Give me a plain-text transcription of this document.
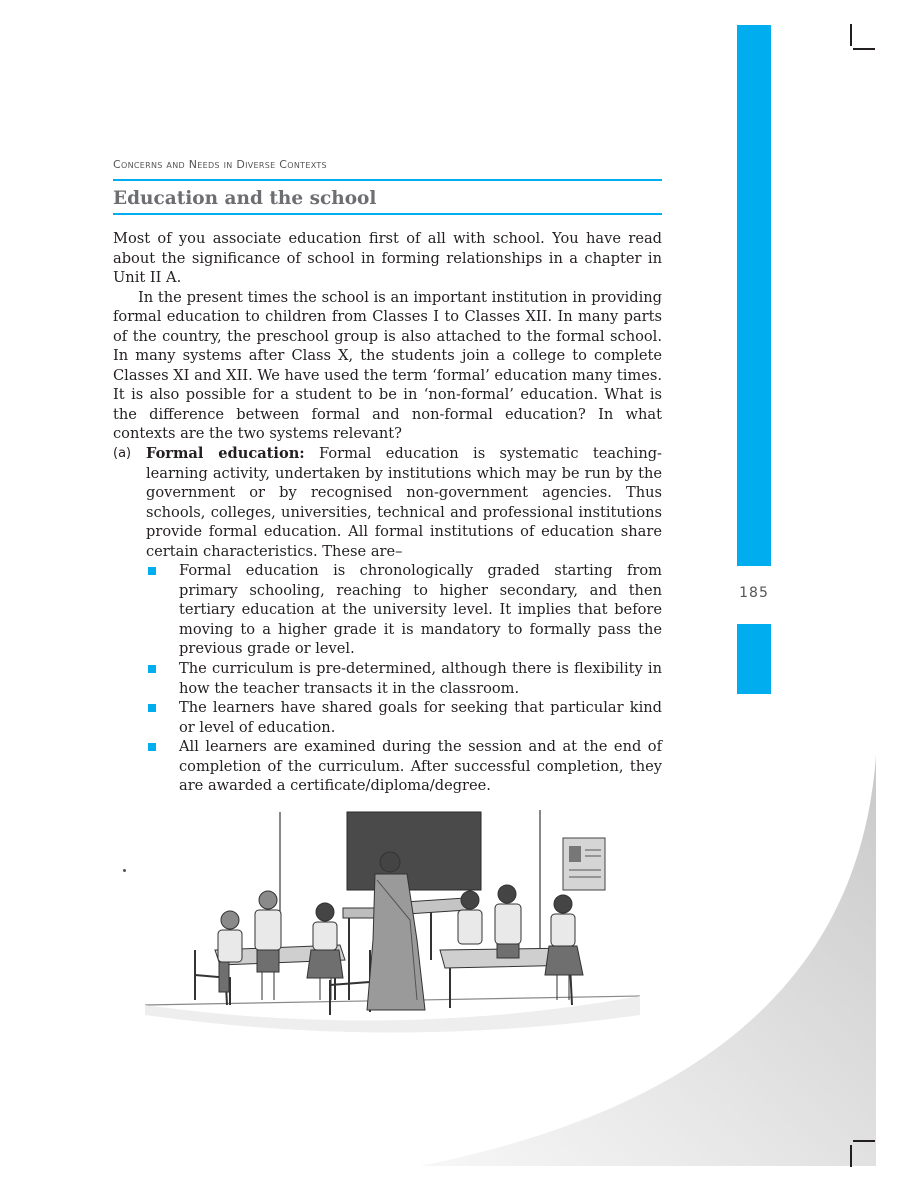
185
Concerns and Needs in Diverse Contexts
Education and the school

Most of you associate education first of all with school. You have read about the significance of school in forming relationships in a chapter in Unit II A.

In the present times the school is an important institution in providing formal education to children from Classes I to Classes XII. In many parts of the country, the preschool group is also attached to the formal school. In many systems after Class X, the students join a college to complete Classes XI and XII. We have used the term ‘formal’ education many times. It is also possible for a student to be in ‘non-formal’ education. What is the difference between formal and non-formal education? In what contexts are the two systems relevant?

(a) Formal education: Formal education is systematic teaching-learning activity, undertaken by institutions which may be run by the government or by recognised non-government agencies. Thus schools, colleges, universities, technical and professional institutions provide formal education. All formal institutions of education share certain characteristics. These are–
Formal education is chronologically graded starting from primary schooling, reaching to higher secondary, and then tertiary education at the university level. It implies that before moving to a higher grade it is mandatory to formally pass the previous grade or level.
The curriculum is pre-determined, although there is flexibility in how the teacher transacts it in the classroom.
The learners have shared goals for seeking that particular kind or level of education.
All learners are examined during the session and at the end of completion of the curriculum. After successful completion, they are awarded a certificate/diploma/degree.
